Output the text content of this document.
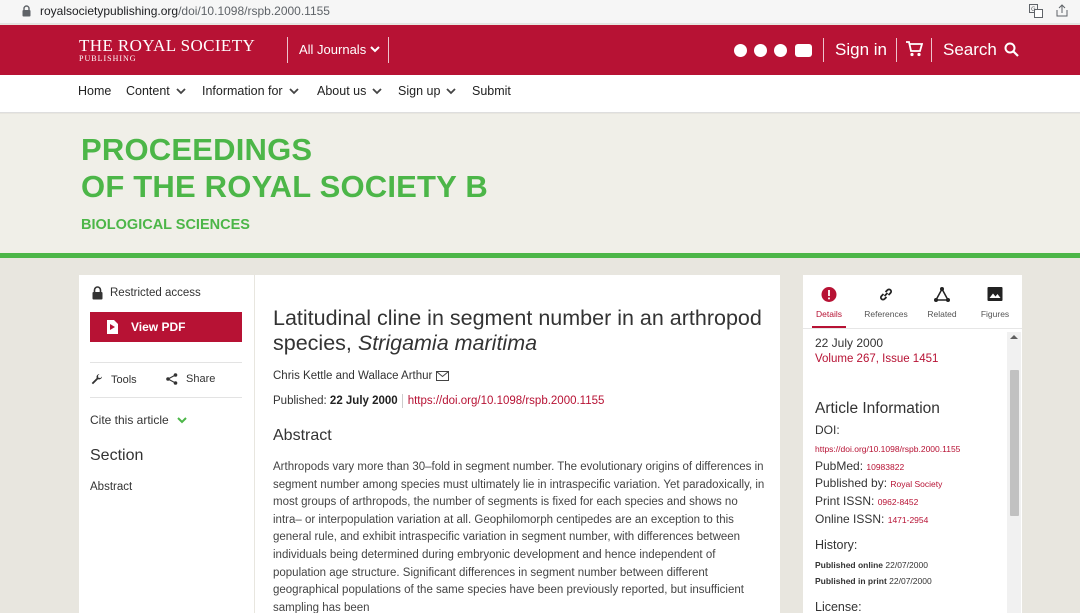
royalsocietypublishing.org/doi/10.1098/rspb.2000.1155	G
THE ROYAL SOCIETY
PUBLISHING
All Journals	Sign in	Search
Home Content	Information for	About us	Sign up	Submit
PROCEEDINGS
OF THE ROYAL SOCIETY B
BIOLOGICAL SCIENCES
Restricted access
View PDF
Tools	Share
Cite this article
Section
Abstract
Latitudinal cline in segment number in an arthropod species, Strigamia maritima
Chris Kettle and Wallace Arthur
Published: 22 July 2000 https://doi.org/10.1098/rspb.2000.1155
Abstract
Arthropods vary more than 30–fold in segment number. The evolutionary origins of differences in segment number among species must ultimately lie in intraspecific variation. Yet paradoxically, in most groups of arthropods, the number of segments is fixed for each species and shows no intra– or interpopulation variation at all. Geophilomorph centipedes are an exception to this general rule, and exhibit intraspecific variation in segment number, with differences between individuals being determined during embryonic development and hence independent of population age structure. Significant differences in segment number between different geographical populations of the same species have been previously reported, but insufficient sampling has been
Details	References	Related	Figures
22 July 2000
Volume 267, Issue 1451
Article Information
DOI:
https://doi.org/10.1098/rspb.2000.1155
PubMed: 10983822
Published by: Royal Society
Print ISSN: 0962-8452
Online ISSN: 1471-2954
History:
Published online 22/07/2000
Published in print 22/07/2000
License:
